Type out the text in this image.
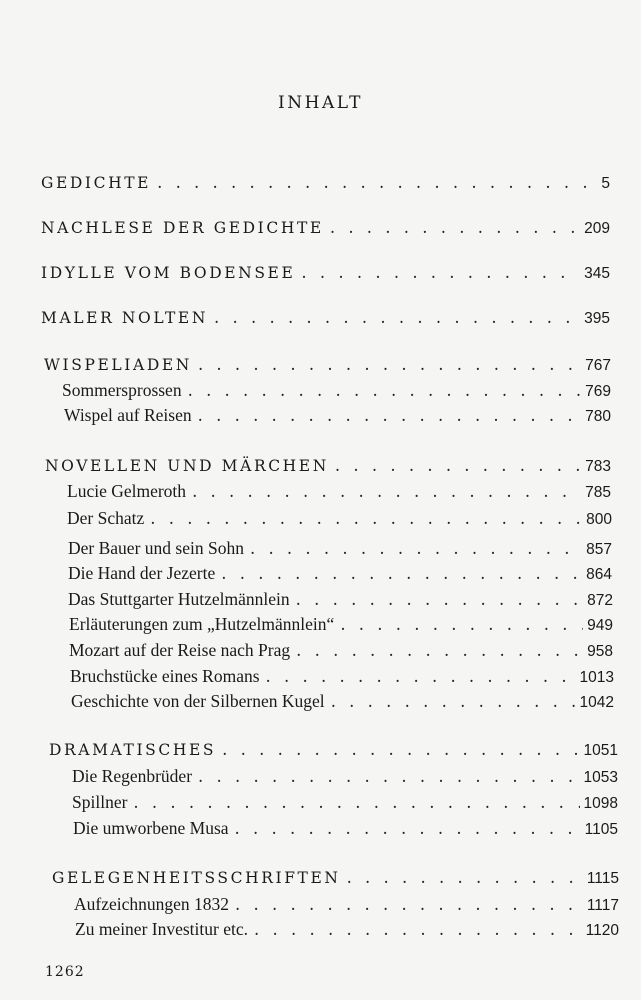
INHALT
GEDICHTE . . .	5
NACHLESE DER GEDICHTE . . .	209
IDYLLE VOM BODENSEE . . .	345
MALER NOLTEN . . .	395
WISPELIADEN . . .	767
Sommersprossen . . .	769
Wispel auf Reisen . . .	780
NOVELLEN UND MÄRCHEN . . .	783
Lucie Gelmeroth . . .	785
Der Schatz . . .	800
Der Bauer und sein Sohn . . .	857
Die Hand der Jezerte . . .	864
Das Stuttgarter Hutzelmännlein . . .	872
Erläuterungen zum „Hutzelmännlein“ . . .	949
Mozart auf der Reise nach Prag . . .	958
Bruchstücke eines Romans . . .	1013
Geschichte von der Silbernen Kugel . . .	1042
DRAMATISCHES . . .	1051
Die Regenbrüder . . .	1053
Spillner . . .	1098
Die umworbene Musa . . .	1105
GELEGENHEITSSCHRIFTEN . . .	1115
Aufzeichnungen 1832 . . .	1117
Zu meiner Investitur etc. . . .	1120
1262
